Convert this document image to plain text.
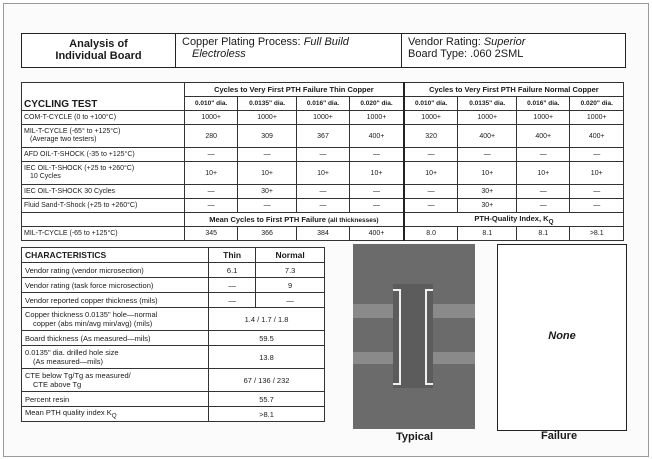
Analysis of
Individual Board
Copper Plating Process: Full Build
Electroless
Vendor Rating: Superior
Board Type: .060 2SML
CYCLING TEST	Cycles to Very First PTH Failure Thin Copper				Cycles to Very First PTH Failure Normal Copper			
	0.010" dia.	0.0135" dia.	0.016" dia.	0.020" dia.	0.010" dia.	0.0135" dia.	0.016" dia.	0.020" dia.
COM-T-CYCLE (0 to +100°C)	1000+	1000+	1000+	1000+	1000+	1000+	1000+	1000+

MIL-T-CYCLE (-65° to +125°C)
(Average two testers)	280	309	367	400+	320	400+	400+	400+
AFD OIL-T-SHOCK (-35 to +125°C)	—	—	—	—	—	—	—	—

IEC OIL-T-SHOCK (+25 to +260°C)
10 Cycles	10+	10+	10+	10+	10+	10+	10+	10+
IEC OIL-T-SHOCK 30 Cycles	—	30+	—	—	—	30+	—	—
Fluid Sand-T-Shock (+25 to +260°C)	—	—	—	—	—	30+	—	—
	Mean Cycles to First PTH Failure (all thicknesses)				PTH-Quality Index, $K_Q$
MIL-T-CYCLE (-65 to +125°C)	345	366	384	400+	8.0	8.1	8.1	>8.1
CHARACTERISTICS	Thin	Normal
Vendor rating (vendor microsection)	6.1	7.3
Vendor rating (task force microsection)	—	9
Vendor reported copper thickness (mils)	—	—

Copper thickness 0.0135" hole—normal
copper (abs min/avg min/avg) (mils)	1.4 / 1.7 / 1.8	
Board thickness (As measured—mils)	59.5	

0.0135" dia. drilled hole size
(As measured—mils)	13.8	

CTE below Tg/Tg as measured/
CTE above Tg	67 / 136 / 232	
Percent resin	55.7	
Mean PTH quality index $K_Q$	>8.1	
Typical
None
Failure
